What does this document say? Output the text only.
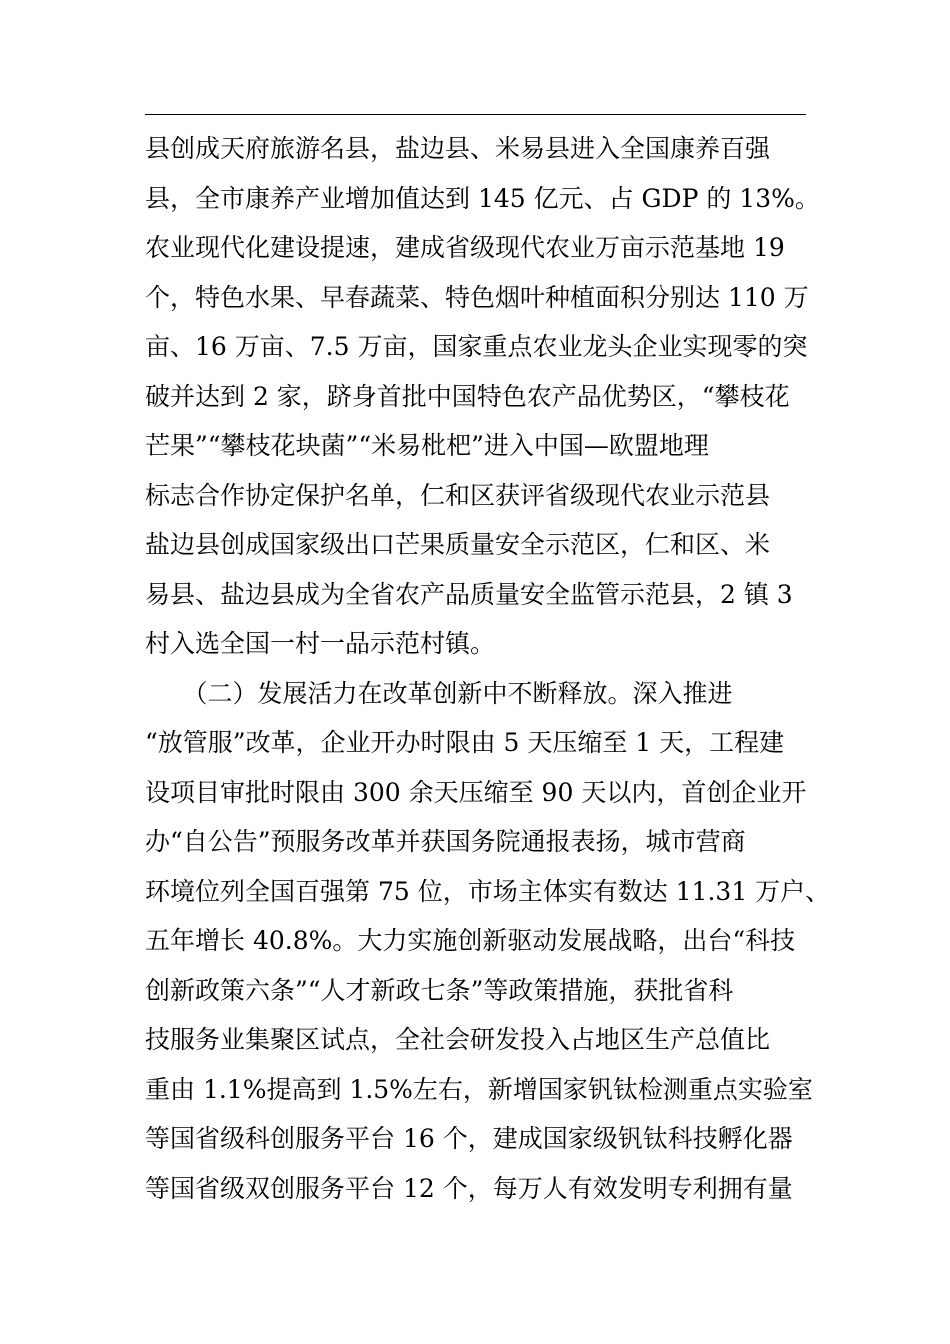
县创成天府旅游名县，盐边县、米易县进入全国康养百强
县，全市康养产业增加值达到 145 亿元、占 GDP 的 13%。
农业现代化建设提速，建成省级现代农业万亩示范基地 19
个，特色水果、早春蔬菜、特色烟叶种植面积分别达 110 万
亩、16 万亩、7.5 万亩，国家重点农业龙头企业实现零的突
破并达到 2 家，跻身首批中国特色农产品优势区，“攀枝花
芒果”“攀枝花块菌”“米易枇杷”进入中国—欧盟地理
标志合作协定保护名单，仁和区获评省级现代农业示范县
盐边县创成国家级出口芒果质量安全示范区，仁和区、米
易县、盐边县成为全省农产品质量安全监管示范县，2 镇 3
村入选全国一村一品示范村镇。
　　（二）发展活力在改革创新中不断释放。深入推进
“放管服”改革，企业开办时限由 5 天压缩至 1 天，工程建
设项目审批时限由 300 余天压缩至 90 天以内，首创企业开
办“自公告”预服务改革并获国务院通报表扬，城市营商
环境位列全国百强第 75 位，市场主体实有数达 11.31 万户、
五年增长 40.8%。大力实施创新驱动发展战略，出台“科技
创新政策六条”“人才新政七条”等政策措施，获批省科
技服务业集聚区试点，全社会研发投入占地区生产总值比
重由 1.1%提高到 1.5%左右，新增国家钒钛检测重点实验室
等国省级科创服务平台 16 个，建成国家级钒钛科技孵化器
等国省级双创服务平台 12 个，每万人有效发明专利拥有量
